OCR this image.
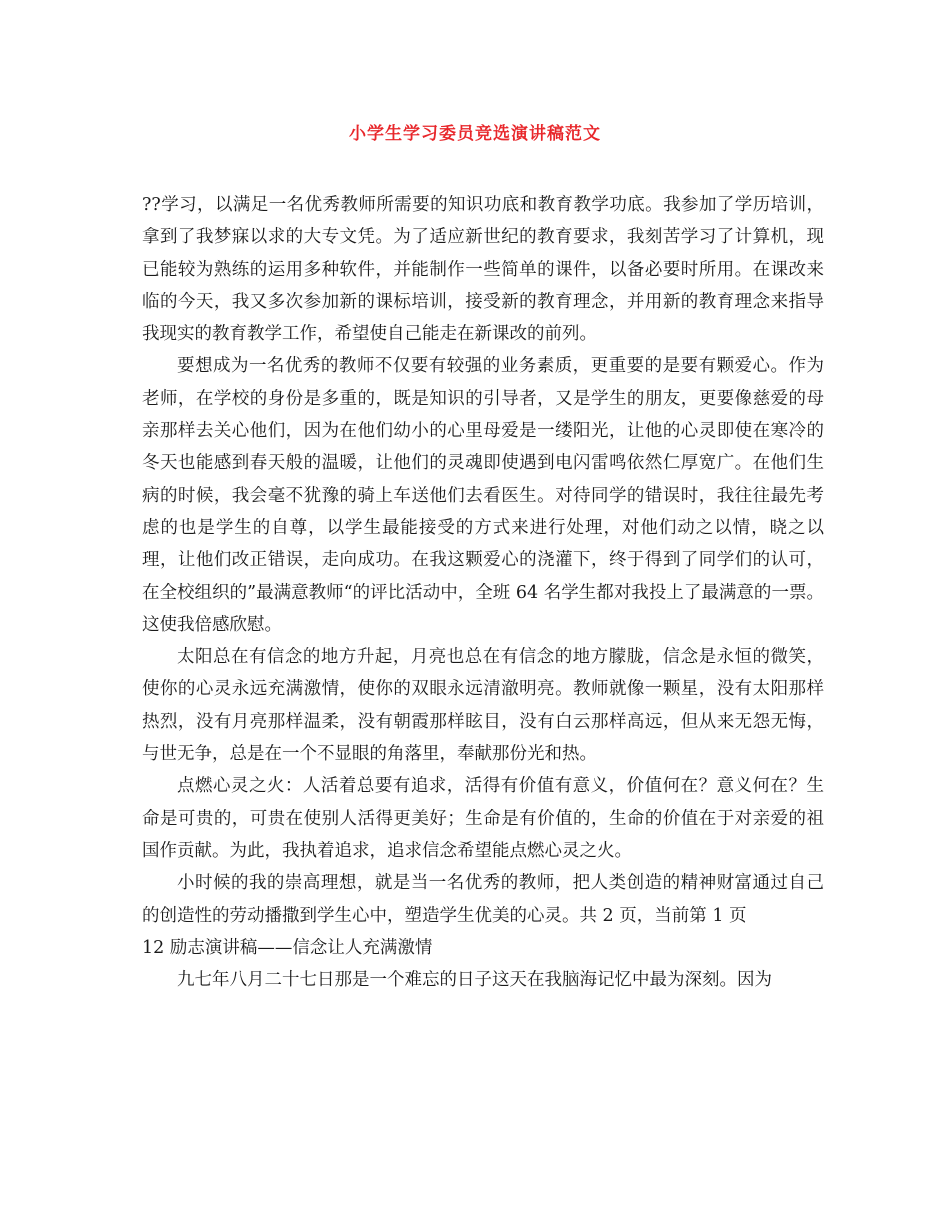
小学生学习委员竞选演讲稿范文

??学习，以满足一名优秀教师所需要的知识功底和教育教学功底。我参加了学历培训，拿到了我梦寐以求的大专文凭。为了适应新世纪的教育要求，我刻苦学习了计算机，现已能较为熟练的运用多种软件，并能制作一些简单的课件，以备必要时所用。在课改来临的今天，我又多次参加新的课标培训，接受新的教育理念，并用新的教育理念来指导我现实的教育教学工作，希望使自己能走在新课改的前列。

要想成为一名优秀的教师不仅要有较强的业务素质，更重要的是要有颗爱心。作为老师，在学校的身份是多重的，既是知识的引导者，又是学生的朋友，更要像慈爱的母亲那样去关心他们，因为在他们幼小的心里母爱是一缕阳光，让他的心灵即使在寒冷的冬天也能感到春天般的温暖，让他们的灵魂即使遇到电闪雷鸣依然仁厚宽广。在他们生病的时候，我会毫不犹豫的骑上车送他们去看医生。对待同学的错误时，我往往最先考虑的也是学生的自尊，以学生最能接受的方式来进行处理，对他们动之以情，晓之以理，让他们改正错误，走向成功。在我这颗爱心的浇灌下，终于得到了同学们的认可，在全校组织的”最满意教师“的评比活动中，全班 64 名学生都对我投上了最满意的一票。这使我倍感欣慰。

太阳总在有信念的地方升起，月亮也总在有信念的地方朦胧，信念是永恒的微笑，使你的心灵永远充满激情，使你的双眼永远清澈明亮。教师就像一颗星，没有太阳那样热烈，没有月亮那样温柔，没有朝霞那样眩目，没有白云那样高远，但从来无怨无悔，与世无争，总是在一个不显眼的角落里，奉献那份光和热。

点燃心灵之火：人活着总要有追求，活得有价值有意义，价值何在？意义何在？生命是可贵的，可贵在使别人活得更美好；生命是有价值的，生命的价值在于对亲爱的祖国作贡献。为此，我执着追求，追求信念希望能点燃心灵之火。

小时候的我的崇高理想，就是当一名优秀的教师，把人类创造的精神财富通过自己的创造性的劳动播撒到学生心中，塑造学生优美的心灵。共 2 页，当前第 1 页

12 励志演讲稿——信念让人充满激情

九七年八月二十七日那是一个难忘的日子这天在我脑海记忆中最为深刻。因为
